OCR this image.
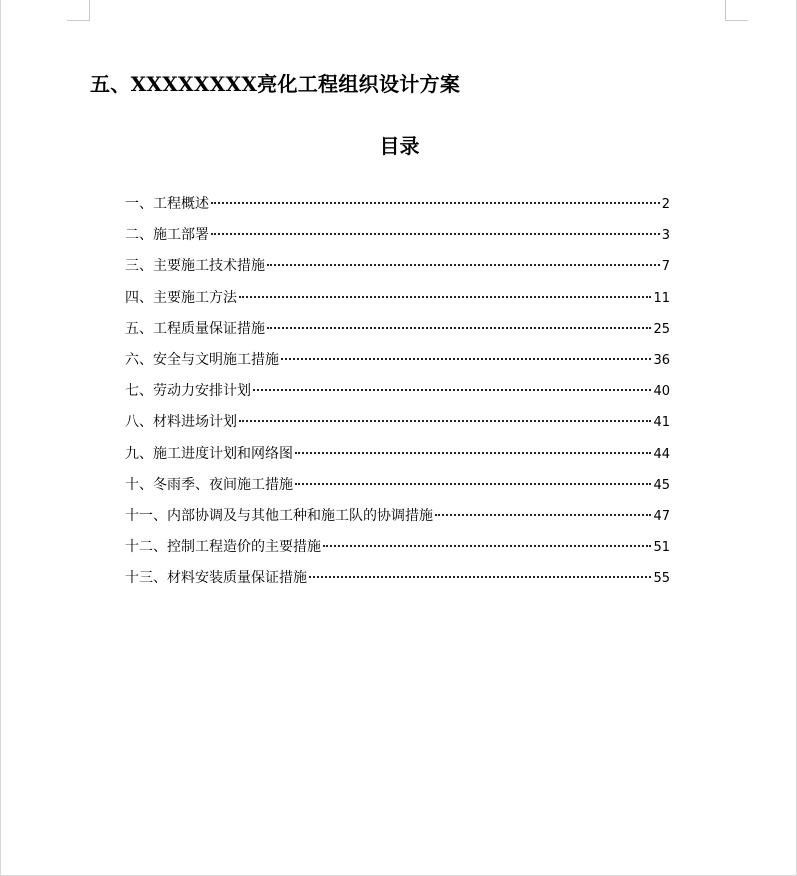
五、XXXXXXXX亮化工程组织设计方案
目录
一、工程概述	2
二、施工部署	3
三、主要施工技术措施	7
四、主要施工方法	11
五、工程质量保证措施	25
六、安全与文明施工措施	36
七、劳动力安排计划	40
八、材料进场计划	41
九、施工进度计划和网络图	44
十、冬雨季、夜间施工措施	45
十一、内部协调及与其他工种和施工队的协调措施	47
十二、控制工程造价的主要措施	51
十三、材料安装质量保证措施	55
